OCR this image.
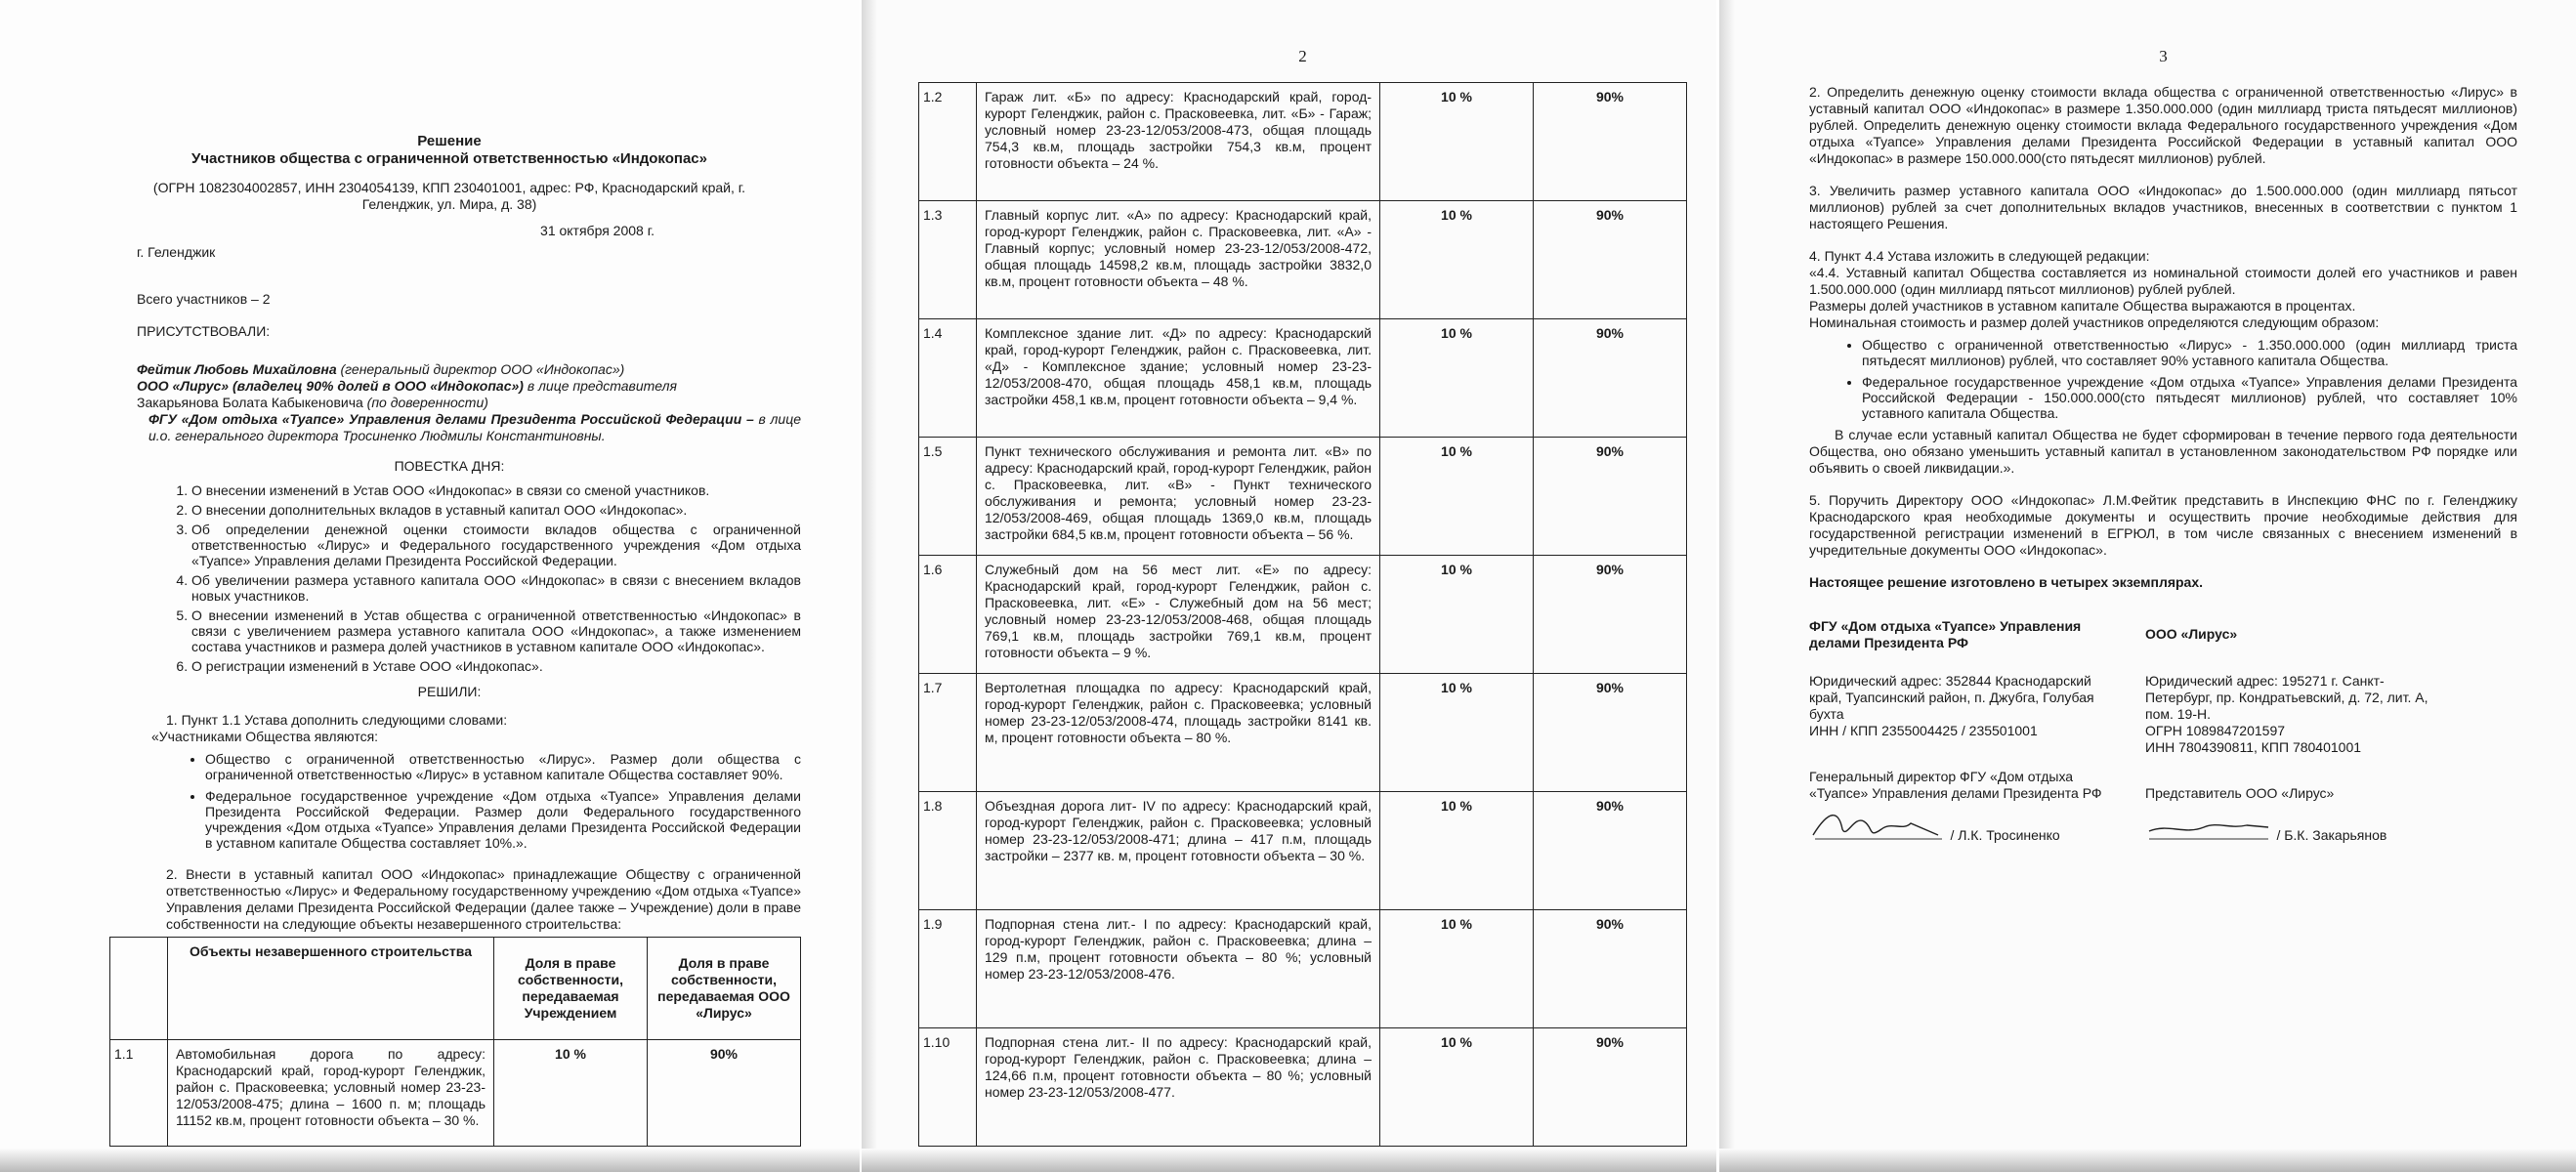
Решение
Участников общества с ограниченной ответственностью «Индокопас»

(ОГРН 1082304002857, ИНН 2304054139, КПП 230401001, адрес: РФ, Краснодарский край, г. Геленджик, ул. Мира, д. 38)

31 октября 2008 г.
г. Геленджик

Всего участников – 2

ПРИСУТСТВОВАЛИ:

Фейтик Любовь Михайловна (генеральный директор ООО «Индокопас»)
ООО «Лирус» (владелец 90% долей в ООО «Индокопас») в лице представителя
Закарьянова Болата Кабыкеновича (по доверенности)
ФГУ «Дом отдыха «Туапсе» Управления делами Президента Российской Федерации – в лице и.о. генерального директора Тросиненко Людмилы Константиновны.

ПОВЕСТКА ДНЯ:

1. О внесении изменений в Устав ООО «Индокопас» в связи со сменой участников.
2. О внесении дополнительных вкладов в уставный капитал ООО «Индокопас».
3. Об определении денежной оценки стоимости вкладов общества с ограниченной ответственностью «Лирус» и Федерального государственного учреждения «Дом отдыха «Туапсе» Управления делами Президента Российской Федерации.
4. Об увеличении размера уставного капитала ООО «Индокопас» в связи с внесением вкладов новых участников.
5. О внесении изменений в Устав общества с ограниченной ответственностью «Индокопас» в связи с увеличением размера уставного капитала ООО «Индокопас», а также изменением состава участников и размера долей участников в уставном капитале ООО «Индокопас».
6. О регистрации изменений в Уставе ООО «Индокопас».

РЕШИЛИ:

1. Пункт 1.1 Устава дополнить следующими словами:

«Участниками Общества являются:

• Общество с ограниченной ответственностью «Лирус». Размер доли общества с ограниченной ответственностью «Лирус» в уставном капитале Общества составляет 90%.
• Федеральное государственное учреждение «Дом отдыха «Туапсе» Управления делами Президента Российской Федерации. Размер доли Федерального государственного учреждения «Дом отдыха «Туапсе» Управления делами Президента Российской Федерации в уставном капитале Общества составляет 10%.».

2. Внести в уставный капитал ООО «Индокопас» принадлежащие Обществу с ограниченной ответственностью «Лирус» и Федеральному государственному учреждению «Дом отдыха «Туапсе» Управления делами Президента Российской Федерации (далее также – Учреждение) доли в праве собственности на следующие объекты незавершенного строительства:

	Объекты незавершенного строительства	Доля в праве собственности, передаваемая Учреждением	Доля в праве собственности, передаваемая ООО «Лирус»
1.1	Автомобильная дорога по адресу: Краснодарский край, город-курорт Геленджик, район с. Прасковеевка; условный номер 23-23-12/053/2008-475; длина – 1600 п. м; площадь 11152 кв.м, процент готовности объекта – 30 %.	10 %	90%
2
1.2	Гараж лит. «Б» по адресу: Краснодарский край, город-курорт Геленджик, район с. Прасковеевка, лит. «Б» - Гараж; условный номер 23-23-12/053/2008-473, общая площадь 754,3 кв.м, площадь застройки 754,3 кв.м, процент готовности объекта – 24 %.	10 %	90%
1.3	Главный корпус лит. «А» по адресу: Краснодарский край, город-курорт Геленджик, район с. Прасковеевка, лит. «А» - Главный корпус; условный номер 23-23-12/053/2008-472, общая площадь 14598,2 кв.м, площадь застройки 3832,0 кв.м, процент готовности объекта – 48 %.	10 %	90%
1.4	Комплексное здание лит. «Д» по адресу: Краснодарский край, город-курорт Геленджик, район с. Прасковеевка, лит. «Д» - Комплексное здание; условный номер 23-23-12/053/2008-470, общая площадь 458,1 кв.м, площадь застройки 458,1 кв.м, процент готовности объекта – 9,4 %.	10 %	90%
1.5	Пункт технического обслуживания и ремонта лит. «В» по адресу: Краснодарский край, город-курорт Геленджик, район с. Прасковеевка, лит. «В» - Пункт технического обслуживания и ремонта; условный номер 23-23-12/053/2008-469, общая площадь 1369,0 кв.м, площадь застройки 684,5 кв.м, процент готовности объекта – 56 %.	10 %	90%
1.6	Служебный дом на 56 мест лит. «Е» по адресу: Краснодарский край, город-курорт Геленджик, район с. Прасковеевка, лит. «Е» - Служебный дом на 56 мест; условный номер 23-23-12/053/2008-468, общая площадь 769,1 кв.м, площадь застройки 769,1 кв.м, процент готовности объекта – 9 %.	10 %	90%
1.7	Вертолетная площадка по адресу: Краснодарский край, город-курорт Геленджик, район с. Прасковеевка; условный номер 23-23-12/053/2008-474, площадь застройки 8141 кв. м, процент готовности объекта – 80 %.	10 %	90%
1.8	Объездная дорога лит- IV по адресу: Краснодарский край, город-курорт Геленджик, район с. Прасковеевка; условный номер 23-23-12/053/2008-471; длина – 417 п.м, площадь застройки – 2377 кв. м, процент готовности объекта – 30 %.	10 %	90%
1.9	Подпорная стена лит.- I по адресу: Краснодарский край, город-курорт Геленджик, район с. Прасковеевка; длина – 129 п.м, процент готовности объекта – 80 %; условный номер 23-23-12/053/2008-476.	10 %	90%
1.10	Подпорная стена лит.- II по адресу: Краснодарский край, город-курорт Геленджик, район с. Прасковеевка; длина – 124,66 п.м, процент готовности объекта – 80 %; условный номер 23-23-12/053/2008-477.	10 %	90%
3

2. Определить денежную оценку стоимости вклада общества с ограниченной ответственностью «Лирус» в уставный капитал ООО «Индокопас» в размере 1.350.000.000 (один миллиард триста пятьдесят миллионов) рублей. Определить денежную оценку стоимости вклада Федерального государственного учреждения «Дом отдыха «Туапсе» Управления делами Президента Российской Федерации в уставный капитал ООО «Индокопас» в размере 150.000.000(сто пятьдесят миллионов) рублей.

3. Увеличить размер уставного капитала ООО «Индокопас» до 1.500.000.000 (один миллиард пятьсот миллионов) рублей за счет дополнительных вкладов участников, внесенных в соответствии с пунктом 1 настоящего Решения.

4. Пункт 4.4 Устава изложить в следующей редакции:

«4.4. Уставный капитал Общества составляется из номинальной стоимости долей его участников и равен 1.500.000.000 (один миллиард пятьсот миллионов) рублей рублей.

Размеры долей участников в уставном капитале Общества выражаются в процентах.

Номинальная стоимость и размер долей участников определяются следующим образом:

• Общество с ограниченной ответственностью «Лирус» - 1.350.000.000 (один миллиард триста пятьдесят миллионов) рублей, что составляет 90% уставного капитала Общества.
• Федеральное государственное учреждение «Дом отдыха «Туапсе» Управления делами Президента Российской Федерации - 150.000.000(сто пятьдесят миллионов) рублей, что составляет 10% уставного капитала Общества.

В случае если уставный капитал Общества не будет сформирован в течение первого года деятельности Общества, оно обязано уменьшить уставный капитал в установленном законодательством РФ порядке или объявить о своей ликвидации.».

5. Поручить Директору ООО «Индокопас» Л.М.Фейтик представить в Инспекцию ФНС по г. Геленджику Краснодарского края необходимые документы и осуществить прочие необходимые действия для государственной регистрации изменений в ЕГРЮЛ, в том числе связанных с внесением изменений в учредительные документы ООО «Индокопас».

Настоящее решение изготовлено в четырех экземплярах.

ФГУ «Дом отдыха «Туапсе» Управления делами Президента РФ

Юридический адрес: 352844 Краснодарский край, Туапсинский район, п. Джубга, Голубая бухта

ИНН / КПП 2355004425 / 235501001

Генеральный директор ФГУ «Дом отдыха «Туапсе» Управления делами Президента РФ

/ Л.К. Тросиненко

ООО «Лирус»

Юридический адрес: 195271 г. Санкт-Петербург, пр. Кондратьевский, д. 72, лит. А, пом. 19-Н.

ОГРН 1089847201597

ИНН 7804390811, КПП 780401001

Представитель ООО «Лирус»

/ Б.К. Закарьянов
